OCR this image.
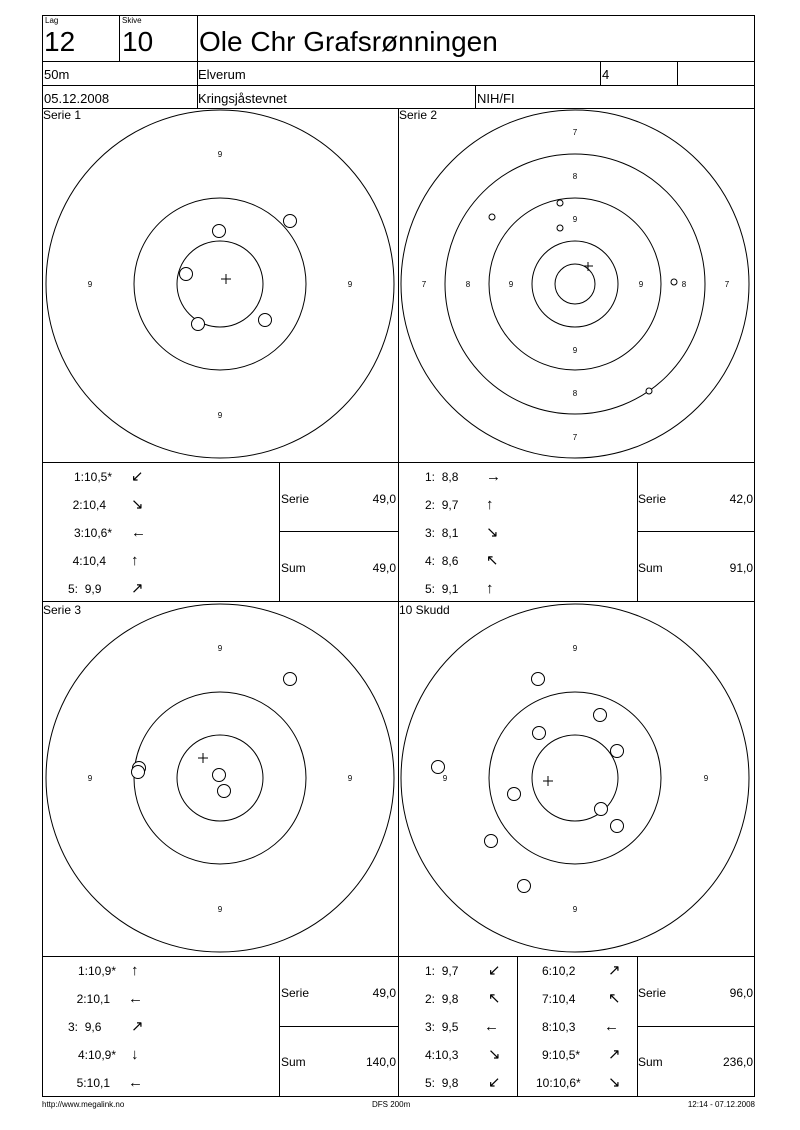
Lag
12
Skive
10 Ole Chr Grafsrønningen
50m	Elverum	4
05.12.2008	Kringsjåstevnet	NIH/FI
Serie 1	Serie 2
Serie 3	10 Skudd
9
9
9	9
7
8
9
9
8
7
7	8	9	9	8	7
9
9
9	9
9
9
9	9
1:10,5* ↙
2:10,4 ↘
3:10,6* ←
4:10,4 ↑
5: 9,9 ↗
1: 8,8 →
2: 9,7 ↑
3: 8,1 ↘
4: 8,6 ↖
5: 9,1 ↑
1:10,9* ↑
2:10,1 ←
3: 9,6 ↗
4:10,9* ↓
5:10,1 ←
1: 9,7 ↙
2: 9,8 ↖
3: 9,5 ←
4:10,3 ↘
5: 9,8 ↙
6:10,2 ↗
7:10,4 ↖
8:10,3 ←
9:10,5* ↗
10:10,6* ↘
Serie	49,0
Sum	49,0
Serie	42,0
Sum	91,0
Serie	49,0
Sum	140,0
Serie	96,0
Sum	236,0
http://www.megalink.no	DFS 200m	12:14 - 07.12.2008
